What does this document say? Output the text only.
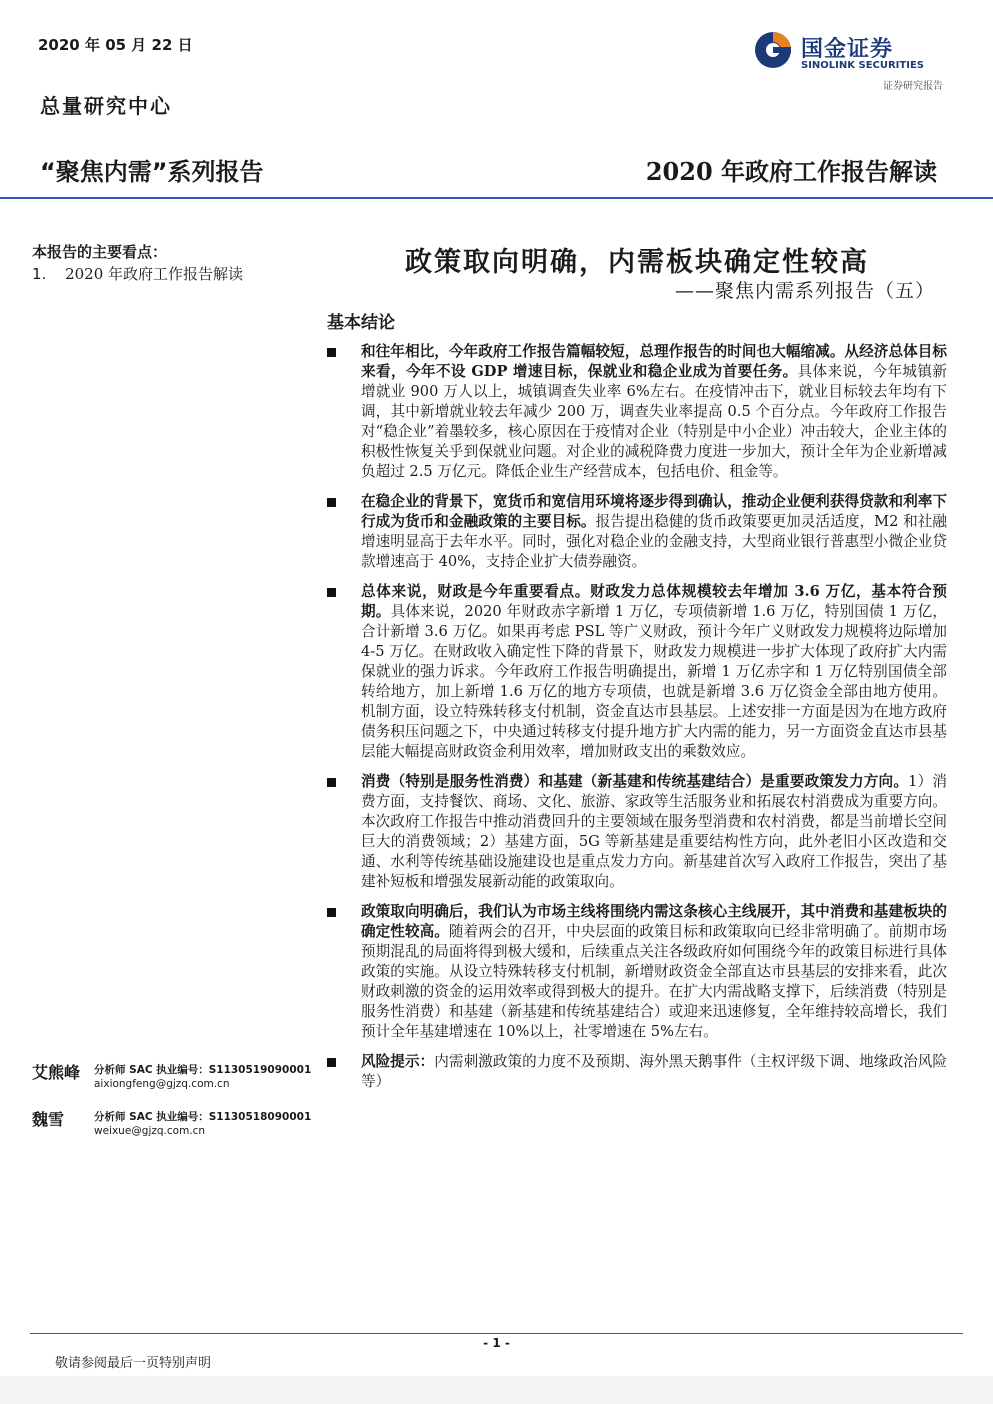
2020 年 05 月 22 日
总量研究中心
“聚焦内需”系列报告	2020 年政府工作报告解读
国金证券
SINOLINK SECURITIES
证券研究报告
本报告的主要看点：
1. 2020 年政府工作报告解读	政策取向明确，内需板块确定性较高
——聚焦内需系列报告（五）
基本结论
和往年相比，今年政府工作报告篇幅较短，总理作报告的时间也大幅缩减。从经济总体目标来看，今年不设 GDP 增速目标，保就业和稳企业成为首要任务。具体来说，今年城镇新增就业 900 万人以上，城镇调查失业率 6%左右。在疫情冲击下，就业目标较去年均有下调，其中新增就业较去年减少 200 万，调查失业率提高 0.5 个百分点。今年政府工作报告对“稳企业”着墨较多，核心原因在于疫情对企业（特别是中小企业）冲击较大，企业主体的积极性恢复关乎到保就业问题。对企业的减税降费力度进一步加大，预计全年为企业新增减负超过 2.5 万亿元。降低企业生产经营成本，包括电价、租金等。
在稳企业的背景下，宽货币和宽信用环境将逐步得到确认，推动企业便利获得贷款和利率下行成为货币和金融政策的主要目标。报告提出稳健的货币政策要更加灵活适度，M2 和社融增速明显高于去年水平。同时，强化对稳企业的金融支持，大型商业银行普惠型小微企业贷款增速高于 40%，支持企业扩大债券融资。
总体来说，财政是今年重要看点。财政发力总体规模较去年增加 3.6 万亿，基本符合预期。具体来说，2020 年财政赤字新增 1 万亿，专项债新增 1.6 万亿，特别国债 1 万亿，合计新增 3.6 万亿。如果再考虑 PSL 等广义财政，预计今年广义财政发力规模将边际增加 4-5 万亿。在财政收入确定性下降的背景下，财政发力规模进一步扩大体现了政府扩大内需保就业的强力诉求。今年政府工作报告明确提出，新增 1 万亿赤字和 1 万亿特别国债全部转给地方，加上新增 1.6 万亿的地方专项债，也就是新增 3.6 万亿资金全部由地方使用。机制方面，设立特殊转移支付机制，资金直达市县基层。上述安排一方面是因为在地方政府债务积压问题之下，中央通过转移支付提升地方扩大内需的能力，另一方面资金直达市县基层能大幅提高财政资金利用效率，增加财政支出的乘数效应。
消费（特别是服务性消费）和基建（新基建和传统基建结合）是重要政策发力方向。1）消费方面，支持餐饮、商场、文化、旅游、家政等生活服务业和拓展农村消费成为重要方向。本次政府工作报告中推动消费回升的主要领域在服务型消费和农村消费，都是当前增长空间巨大的消费领域；2）基建方面，5G 等新基建是重要结构性方向，此外老旧小区改造和交通、水利等传统基础设施建设也是重点发力方向。新基建首次写入政府工作报告，突出了基建补短板和增强发展新动能的政策取向。
政策取向明确后，我们认为市场主线将围绕内需这条核心主线展开，其中消费和基建板块的确定性较高。随着两会的召开，中央层面的政策目标和政策取向已经非常明确了。前期市场预期混乱的局面将得到极大缓和，后续重点关注各级政府如何围绕今年的政策目标进行具体政策的实施。从设立特殊转移支付机制，新增财政资金全部直达市县基层的安排来看，此次财政刺激的资金的运用效率或得到极大的提升。在扩大内需战略支撑下，后续消费（特别是服务性消费）和基建（新基建和传统基建结合）或迎来迅速修复，全年维持较高增长，我们预计全年基建增速在 10%以上，社零增速在 5%左右。
风险提示：内需刺激政策的力度不及预期、海外黑天鹅事件（主权评级下调、地缘政治风险等）
艾熊峰 分析师 SAC 执业编号：S1130519090001
aixiongfeng@gjzq.com.cn
魏雪	分析师 SAC 执业编号：S1130518090001
weixue@gjzq.com.cn
- 1 -
敬请参阅最后一页特别声明
